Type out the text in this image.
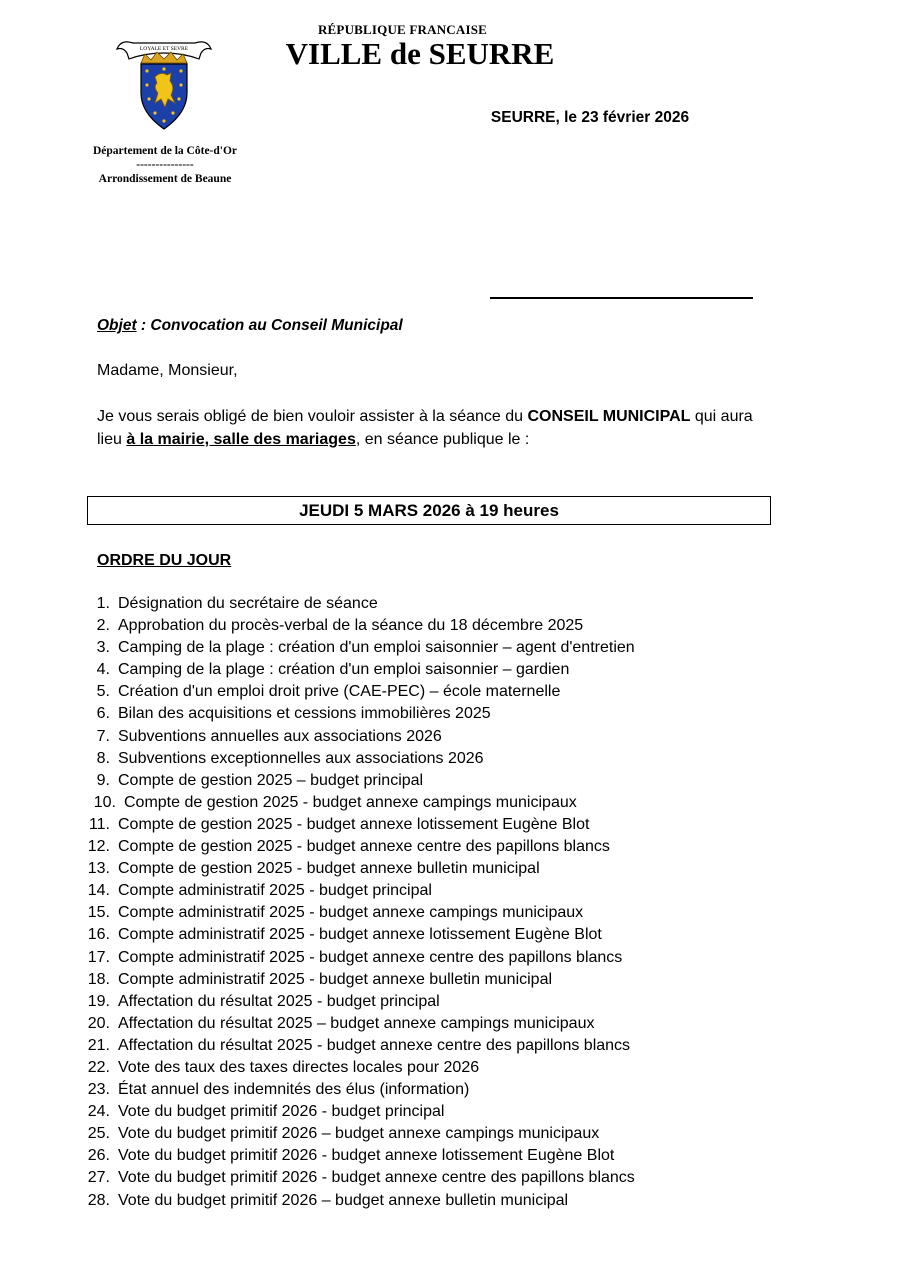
RÉPUBLIQUE FRANCAISE
VILLE de SEURRE
LOYALE ET SEVRE
Département de la Côte-d'Or
---------------
Arrondissement de Beaune
SEURRE, le 23 février 2026
Objet : Convocation au Conseil Municipal
Madame, Monsieur,
Je vous serais obligé de bien vouloir assister à la séance du CONSEIL MUNICIPAL qui aura lieu à la mairie, salle des mariages, en séance publique le :
JEUDI 5 MARS 2026 à 19 heures
ORDRE DU JOUR
1. Désignation du secrétaire de séance
2. Approbation du procès-verbal de la séance du 18 décembre 2025
3. Camping de la plage : création d'un emploi saisonnier – agent d'entretien
4. Camping de la plage : création d'un emploi saisonnier – gardien
5. Création d'un emploi droit prive (CAE-PEC) – école maternelle
6. Bilan des acquisitions et cessions immobilières 2025
7. Subventions annuelles aux associations 2026
8. Subventions exceptionnelles aux associations 2026
9. Compte de gestion 2025 – budget principal
10. Compte de gestion 2025 - budget annexe campings municipaux
11. Compte de gestion 2025 - budget annexe lotissement Eugène Blot
12. Compte de gestion 2025 - budget annexe centre des papillons blancs
13. Compte de gestion 2025 - budget annexe bulletin municipal
14. Compte administratif 2025 - budget principal
15. Compte administratif 2025 - budget annexe campings municipaux
16. Compte administratif 2025 - budget annexe lotissement Eugène Blot
17. Compte administratif 2025 - budget annexe centre des papillons blancs
18. Compte administratif 2025 - budget annexe bulletin municipal
19. Affectation du résultat 2025 - budget principal
20. Affectation du résultat 2025 – budget annexe campings municipaux
21. Affectation du résultat 2025 - budget annexe centre des papillons blancs
22. Vote des taux des taxes directes locales pour 2026
23. État annuel des indemnités des élus (information)
24. Vote du budget primitif 2026 - budget principal
25. Vote du budget primitif 2026 – budget annexe campings municipaux
26. Vote du budget primitif 2026 - budget annexe lotissement Eugène Blot
27. Vote du budget primitif 2026 - budget annexe centre des papillons blancs
28. Vote du budget primitif 2026 – budget annexe bulletin municipal
